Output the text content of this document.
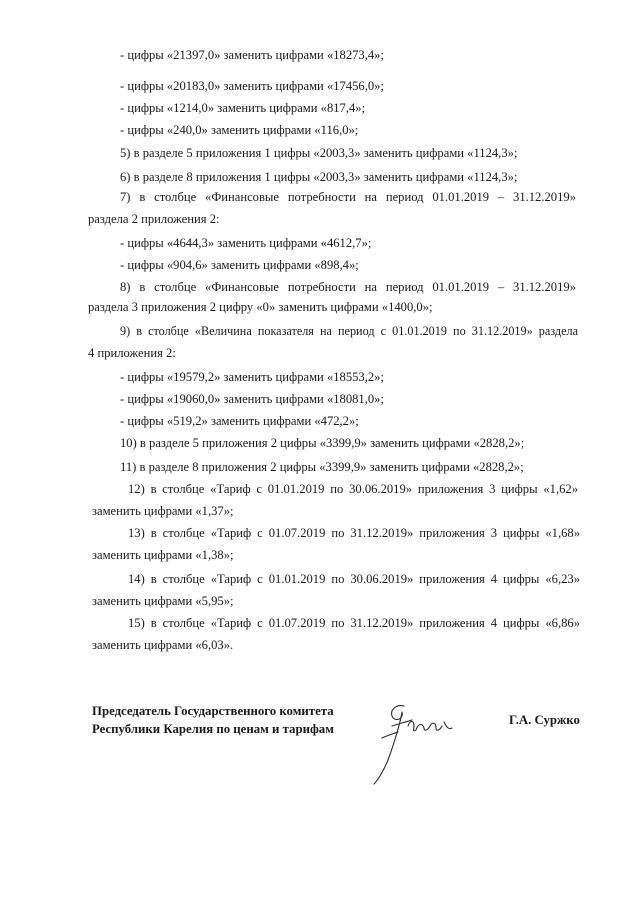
- цифры «21397,0» заменить цифрами «18273,4»;
- цифры «20183,0» заменить цифрами «17456,0»;
- цифры «1214,0» заменить цифрами «817,4»;
- цифры «240,0» заменить цифрами «116,0»;
5) в разделе 5 приложения 1 цифры «2003,3» заменить цифрами «1124,3»;
6) в разделе 8 приложения 1 цифры «2003,3» заменить цифрами «1124,3»;
7) в столбце «Финансовые потребности на период 01.01.2019 – 31.12.2019»
раздела 2 приложения 2:
- цифры «4644,3» заменить цифрами «4612,7»;
- цифры «904,6» заменить цифрами «898,4»;
8) в столбце «Финансовые потребности на период 01.01.2019 – 31.12.2019»
раздела 3 приложения 2 цифру «0» заменить цифрами «1400,0»;
9) в столбце «Величина показателя на период с 01.01.2019 по 31.12.2019» раздела
4 приложения 2:
- цифры «19579,2» заменить цифрами «18553,2»;
- цифры «19060,0» заменить цифрами «18081,0»;
- цифры «519,2» заменить цифрами «472,2»;
10) в разделе 5 приложения 2 цифры «3399,9» заменить цифрами «2828,2»;
11) в разделе 8 приложения 2 цифры «3399,9» заменить цифрами «2828,2»;
12) в столбце «Тариф с 01.01.2019 по 30.06.2019» приложения 3 цифры «1,62»
заменить цифрами «1,37»;
13) в столбце «Тариф с 01.07.2019 по 31.12.2019» приложения 3 цифры «1,68»
заменить цифрами «1,38»;
14) в столбце «Тариф с 01.01.2019 по 30.06.2019» приложения 4 цифры «6,23»
заменить цифрами «5,95»;
15) в столбце «Тариф с 01.07.2019 по 31.12.2019» приложения 4 цифры «6,86»
заменить цифрами «6,03».
Председатель Государственного комитета
Республики Карелия по ценам и тарифам
Г.А. Суржко
